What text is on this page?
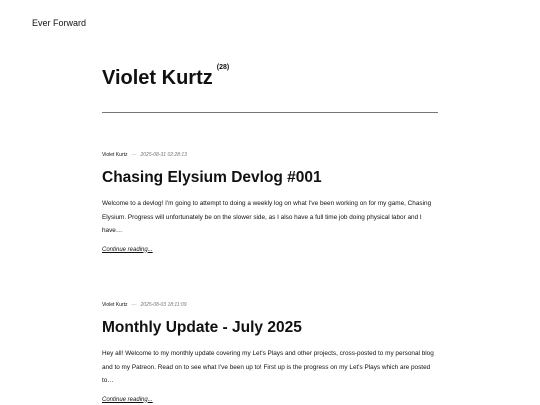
Ever Forward
Violet Kurtz $^{(28)}$
Violet Kurtz — 2025-08-31 02:28:13
Chasing Elysium Devlog #001
Welcome to a devlog! I'm going to attempt to doing a weekly log on what I've been working on for my game, Chasing Elysium. Progress will unfortunately be on the slower side, as I also have a full time job doing physical labor and I have…
Continue reading...
Violet Kurtz — 2025-08-03 18:11:09
Monthly Update - July 2025
Hey all! Welcome to my monthly update covering my Let's Plays and other projects, cross-posted to my personal blog and to my Patreon. Read on to see what I've been up to! First up is the progress on my Let's Plays which are posted to…
Continue reading...
